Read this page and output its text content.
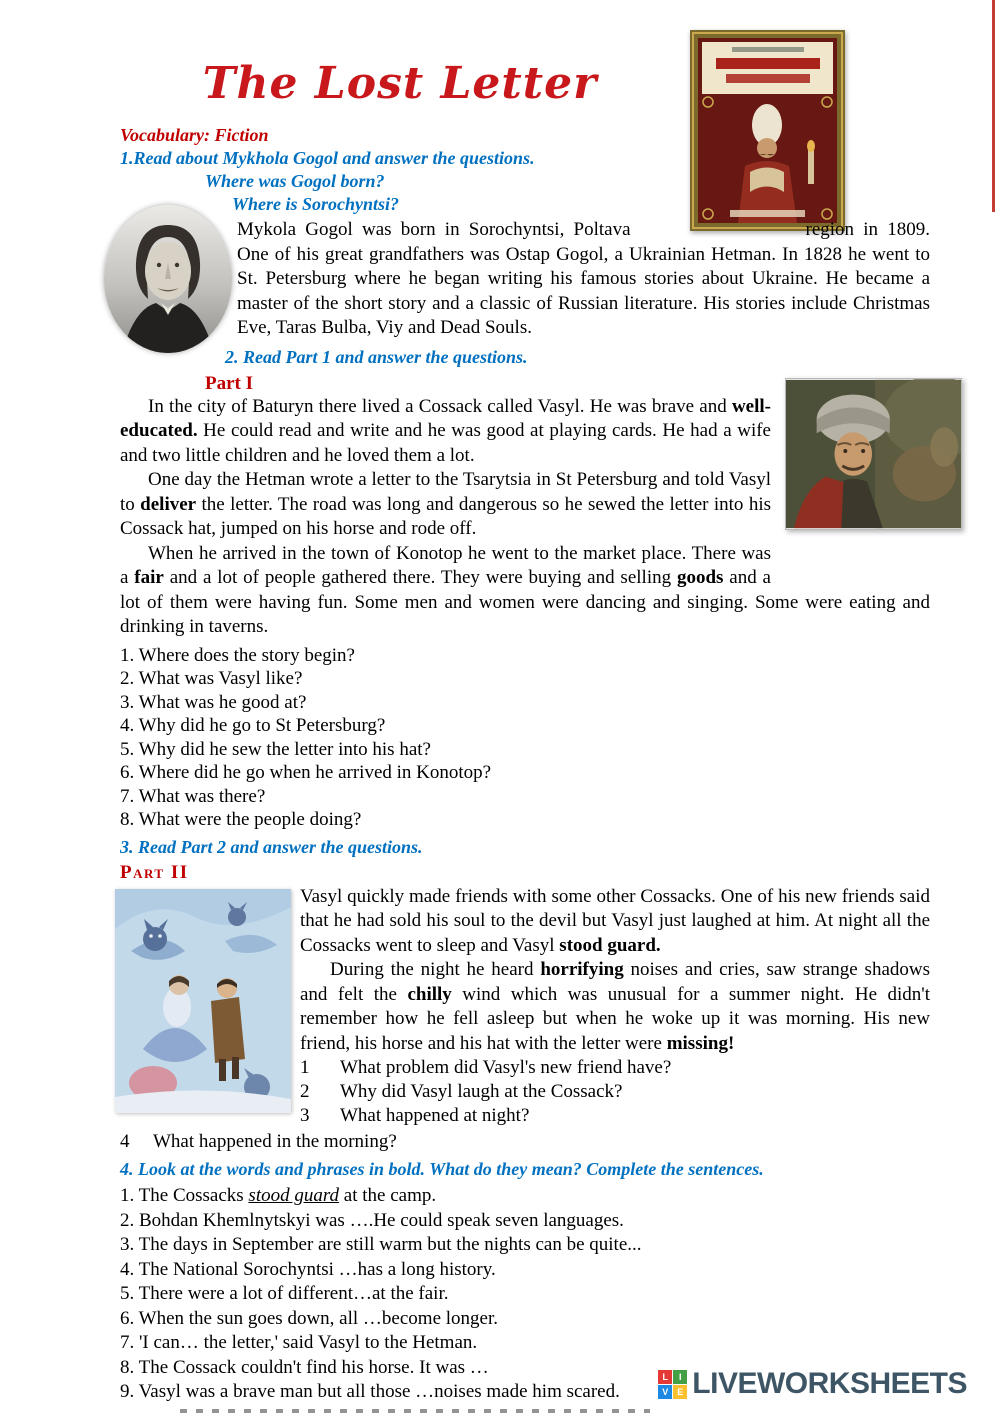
The Lost Letter

Vocabulary: Fiction

1.Read about Mykhola Gogol and answer the questions.

Where was Gogol born?

Where is Sorochyntsi?

Mykola Gogol was born in Sorochyntsi, Poltava	region in 1809. One of his great grandfathers was Ostap Gogol, a Ukrainian Hetman. In 1828 he went to St. Petersburg where he began writing his famous stories about Ukraine. He became a master of the short story and a classic of Russian literature. His stories include Christmas Eve, Taras Bulba, Viy and Dead Souls.

2. Read Part 1 and answer the questions.

Part I

In the city of Baturyn there lived a Cossack called Vasyl. He was brave and well-educated. He could read and write and he was good at playing cards. He had a wife and two little children and he loved them a lot.

One day the Hetman wrote a letter to the Tsarytsia in St Petersburg and told Vasyl to deliver the letter. The road was long and dangerous so he sewed the letter into his Cossack hat, jumped on his horse and rode off.

When he arrived in the town of Konotop he went to the market place. There was a fair and a lot of people gathered there. They were buying and selling goods and a lot of them were having fun. Some men and women were dancing and singing. Some were eating and drinking in taverns.

1. Where does the story begin?

2. What was Vasyl like?

3. What was he good at?

4. Why did he go to St Petersburg?

5. Why did he sew the letter into his hat?

6. Where did he go when he arrived in Konotop?

7. What was there?

8. What were the people doing?

3. Read Part 2 and answer the questions.

Part II

Vasyl quickly made friends with some other Cossacks. One of his new friends said that he had sold his soul to the devil but Vasyl just laughed at him. At night all the Cossacks went to sleep and Vasyl stood guard.

During the night he heard horrifying noises and cries, saw strange shadows and felt the chilly wind which was unusual for a summer night. He didn't remember how he fell asleep but when he woke up it was morning. His new friend, his horse and his hat with the letter were missing!

1	What problem did Vasyl's new friend have?
2	Why did Vasyl laugh at the Cossack?
3	What happened at night?
4	What happened in the morning?

4. Look at the words and phrases in bold. What do they mean? Complete the sentences.

1. The Cossacks stood guard at the camp.

2. Bohdan Khemlnytskyi was ….He could speak seven languages.

3. The days in September are still warm but the nights can be quite...

4. The National Sorochyntsi …has a long history.

5. There were a lot of different…at the fair.

6. When the sun goes down, all …become longer.

7. 'I can… the letter,' said Vasyl to the Hetman.

8. The Cossack couldn't find his horse. It was …

9. Vasyl was a brave man but all those …noises made him scared.

L	I
V E LIVEWORKSHEETS
